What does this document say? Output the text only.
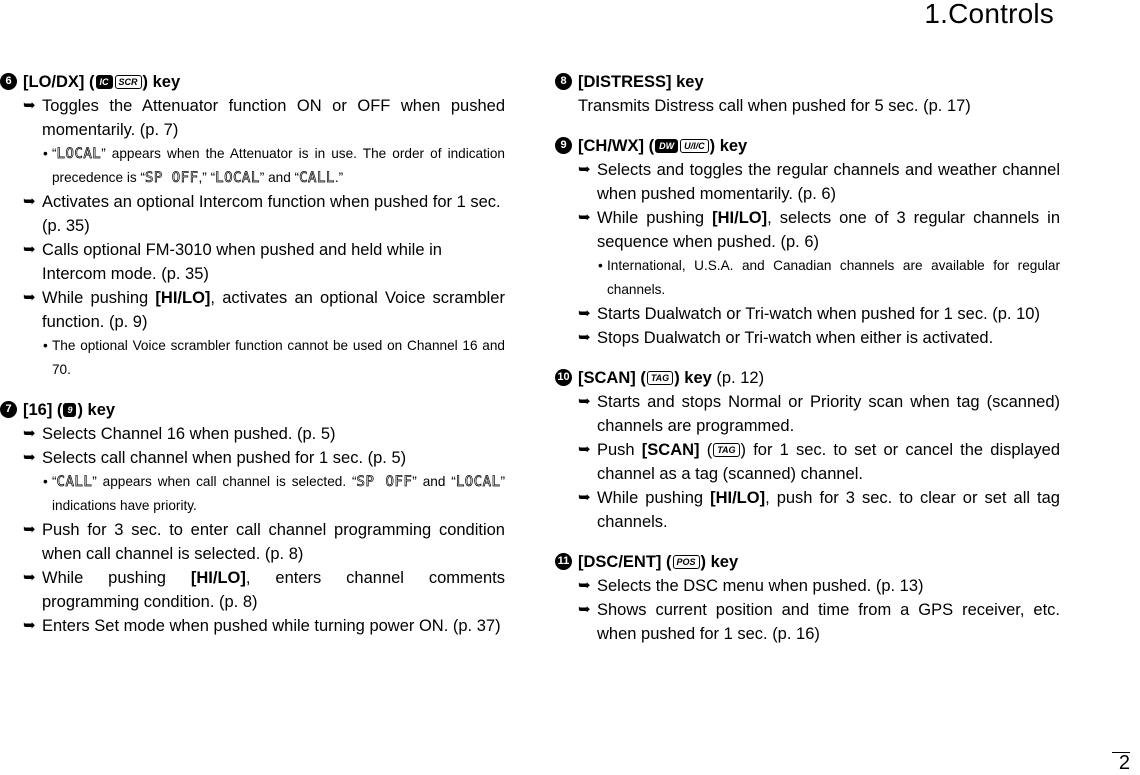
1.Controls
6 [LO/DX] ( IC SCR ) key
➥ Toggles the Attenuator function ON or OFF when pushed momentarily. (p. 7)
• “LOCAL” appears when the Attenuator is in use. The order of indication precedence is “SP OFF,” “LOCAL” and “CALL.”
➥ Activates an optional Intercom function when pushed for 1 sec. (p. 35)
➥ Calls optional FM-3010 when pushed and held while in Intercom mode. (p. 35)
➥ While pushing [HI/LO], activates an optional Voice scrambler function. (p. 9)
• The optional Voice scrambler function cannot be used on Channel 16 and 70.
7 [16] ( 9 ) key
➥ Selects Channel 16 when pushed. (p. 5)
➥ Selects call channel when pushed for 1 sec. (p. 5)
• “CALL” appears when call channel is selected. “SP OFF” and “LOCAL” indications have priority.
➥ Push for 3 sec. to enter call channel programming condition when call channel is selected. (p. 8)
➥ While pushing [HI/LO], enters channel comments programming condition. (p. 8)
➥ Enters Set mode when pushed while turning power ON. (p. 37)
8 [DISTRESS] key
Transmits Distress call when pushed for 5 sec. (p. 17)
9 [CH/WX] ( DW U/I/C ) key
➥ Selects and toggles the regular channels and weather channel when pushed momentarily. (p. 6)
➥ While pushing [HI/LO], selects one of 3 regular channels in sequence when pushed. (p. 6)
• International, U.S.A. and Canadian channels are available for regular channels.
➥ Starts Dualwatch or Tri-watch when pushed for 1 sec. (p. 10)
➥ Stops Dualwatch or Tri-watch when either is activated.
10 [SCAN] ( TAG ) key (p. 12)
➥ Starts and stops Normal or Priority scan when tag (scanned) channels are programmed.
➥ Push [SCAN] ( TAG ) for 1 sec. to set or cancel the displayed channel as a tag (scanned) channel.
➥ While pushing [HI/LO], push for 3 sec. to clear or set all tag channels.
11 [DSC/ENT] ( POS ) key
➥ Selects the DSC menu when pushed. (p. 13)
➥ Shows current position and time from a GPS receiver, etc. when pushed for 1 sec. (p. 16)
2
